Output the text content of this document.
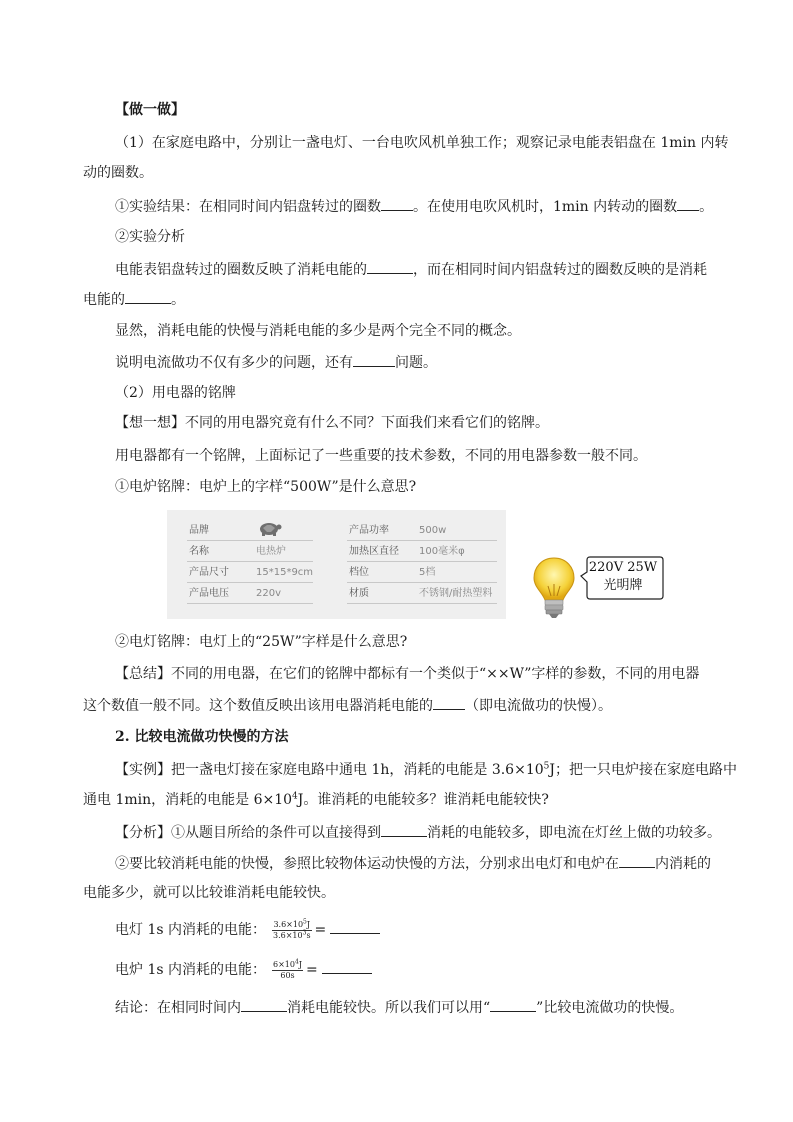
【做一做】
（1）在家庭电路中，分别让一盏电灯、一台电吹风机单独工作；观察记录电能表铝盘在 1min 内转
动的圈数。
①实验结果：在相同时间内铝盘转过的圈数 。在使用电吹风机时，1min 内转动的圈数 。
②实验分析
电能表铝盘转过的圈数反映了消耗电能的	，而在相同时间内铝盘转过的圈数反映的是消耗
电能的	。
显然，消耗电能的快慢与消耗电能的多少是两个完全不同的概念。
说明电流做功不仅有多少的问题，还有	问题。
（2）用电器的铭牌
【想一想】不同的用电器究竟有什么不同？下面我们来看它们的铭牌。
用电器都有一个铭牌，上面标记了一些重要的技术参数，不同的用电器参数一般不同。
①电炉铭牌：电炉上的字样“500W”是什么意思?
品牌	产品功率	500w
名称	电热炉	加热区直径 100毫米φ
产品尺寸	15*15*9cm	档位	5档
产品电压	220v	材质	不锈钢/耐热塑料
220V 25W
光明牌
②电灯铭牌：电灯上的“25W”字样是什么意思?
【总结】不同的用电器，在它们的铭牌中都标有一个类似于“××W”字样的参数，不同的用电器
这个数值一般不同。这个数值反映出该用电器消耗电能的 （即电流做功的快慢）。
2. 比较电流做功快慢的方法
【实例】把一盏电灯接在家庭电路中通电 1h，消耗的电能是 $3.6\times 10^5J$；把一只电炉接在家庭电路中
通电 1min，消耗的电能是 $6\times 10^4J$。谁消耗的电能较多？谁消耗电能较快?
【分析】①从题目所给的条件可以直接得到	消耗的电能较多，即电流在灯丝上做的功较多。
②要比较消耗电能的快慢，参照比较物体运动快慢的方法，分别求出电灯和电炉在	内消耗的
电能多少，就可以比较谁消耗电能较快。
电灯 1s 内消耗的电能： $\frac{3.6\times 10^5J}{3.6\times 10^3s}$ =
电炉 1s 内消耗的电能： $\frac{6\times 10^4J}{60s}$ =
结论：在相同时间内	消耗电能较快。所以我们可以用“	”比较电流做功的快慢。
